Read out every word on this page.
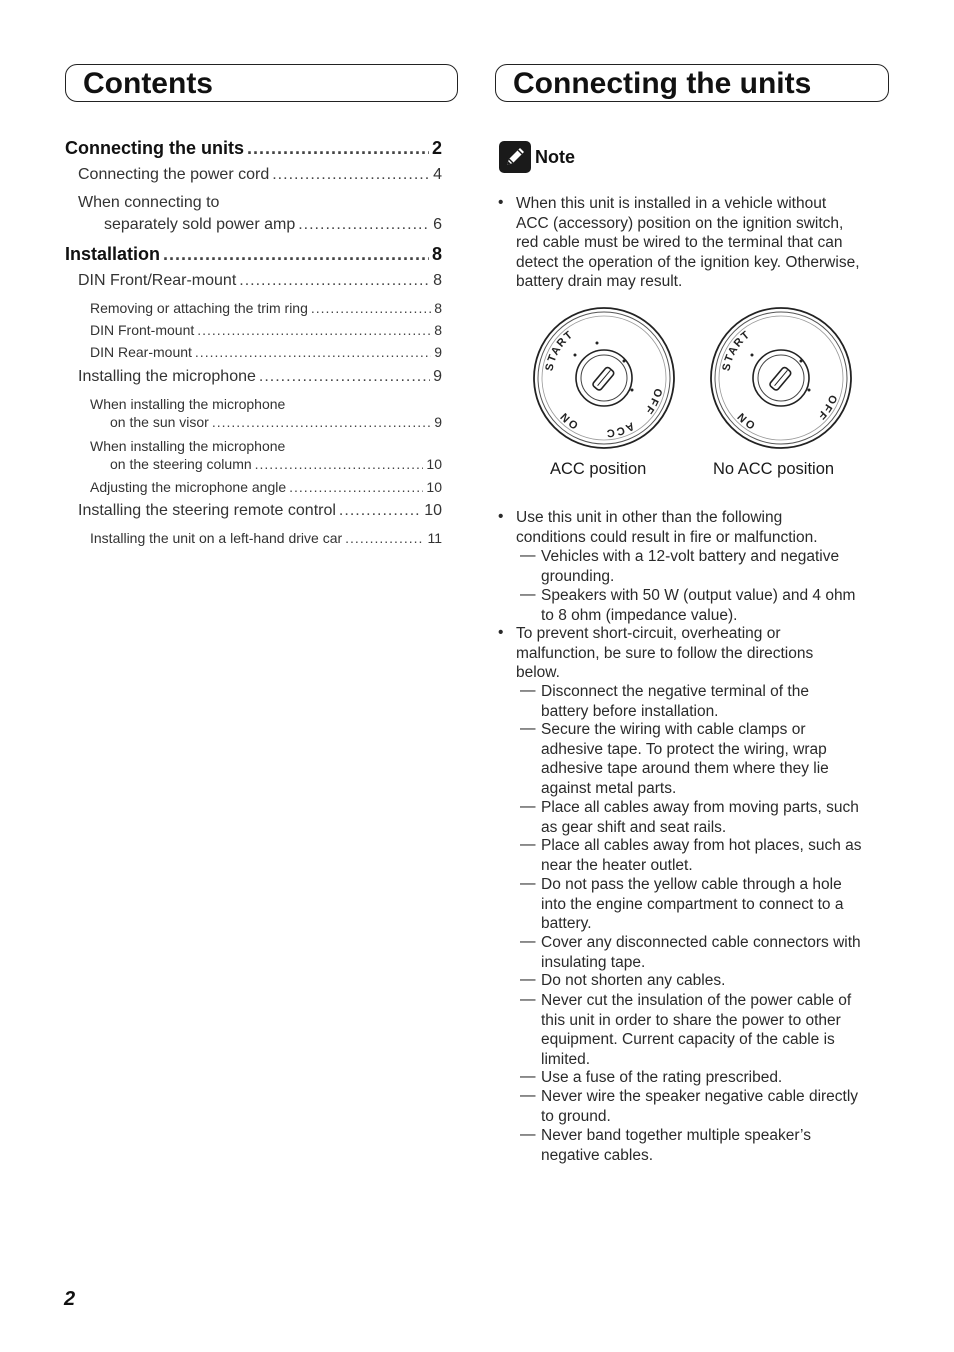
Contents	Connecting the units
Connecting the units .....	2
Connecting the power cord .....	4
When connecting to
separately sold power amp .....	6
Installation .....	8
DIN Front/Rear-mount .....	8
Removing or attaching the trim ring .....	8
DIN Front-mount .....	8
DIN Rear-mount .....	9
Installing the microphone .....	9
When installing the microphone
on the sun visor .....	9
When installing the microphone
on the steering column .....	10
Adjusting the microphone angle .....	10
Installing the steering remote control .....	10
Installing the unit on a left-hand drive car .....	11
Note
• When this unit is installed in a vehicle without
ACC (accessory) position on the ignition switch,
red cable must be wired to the terminal that can
detect the operation of the ignition key. Otherwise,
battery drain may result.
OFF
ACC
ON
START
ACC position
OFF
ON
START
No ACC position
• Use this unit in other than the following
conditions could result in fire or malfunction.
— Vehicles with a 12-volt battery and negative
grounding.
— Speakers with 50 W (output value) and 4 ohm
to 8 ohm (impedance value).
• To prevent short-circuit, overheating or
malfunction, be sure to follow the directions
below.
— Disconnect the negative terminal of the
battery before installation.
— Secure the wiring with cable clamps or
adhesive tape. To protect the wiring, wrap
adhesive tape around them where they lie
against metal parts.
— Place all cables away from moving parts, such
as gear shift and seat rails.
— Place all cables away from hot places, such as
near the heater outlet.
— Do not pass the yellow cable through a hole
into the engine compartment to connect to a
battery.
— Cover any disconnected cable connectors with
insulating tape.
— Do not shorten any cables.
— Never cut the insulation of the power cable of
this unit in order to share the power to other
equipment. Current capacity of the cable is
limited.
— Use a fuse of the rating prescribed.
— Never wire the speaker negative cable directly
to ground.
— Never band together multiple speaker’s
negative cables.
2
